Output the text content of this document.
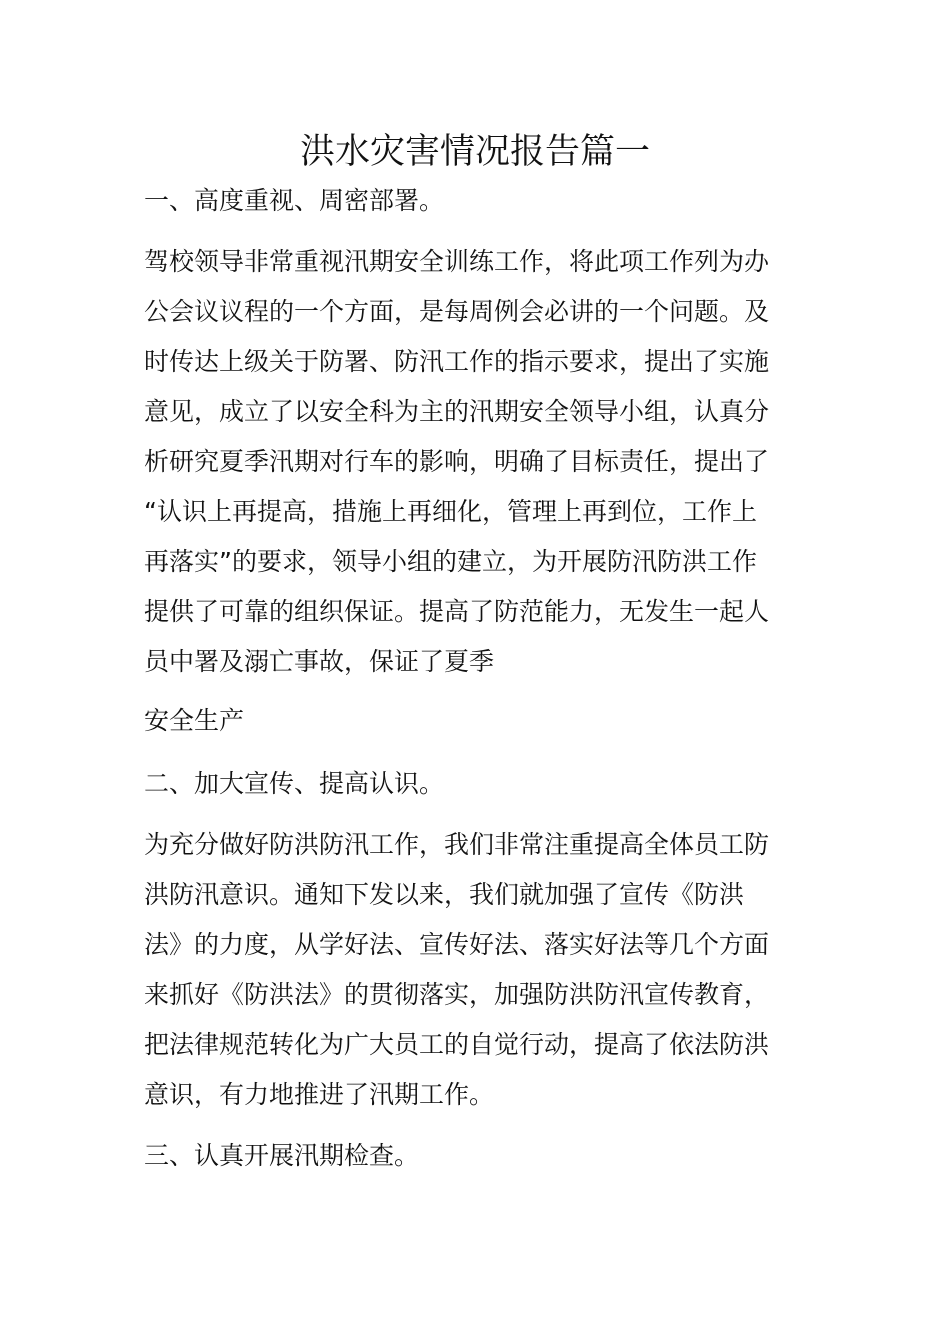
洪水灾害情况报告篇一

一、高度重视、周密部署。

驾校领导非常重视汛期安全训练工作，将此项工作列为办
公会议议程的一个方面，是每周例会必讲的一个问题。及
时传达上级关于防署、防汛工作的指示要求，提出了实施
意见，成立了以安全科为主的汛期安全领导小组，认真分
析研究夏季汛期对行车的影响，明确了目标责任，提出了
“认识上再提高，措施上再细化，管理上再到位，工作上
再落实”的要求，领导小组的建立，为开展防汛防洪工作
提供了可靠的组织保证。提高了防范能力，无发生一起人
员中署及溺亡事故，保证了夏季

安全生产

二、加大宣传、提高认识。

为充分做好防洪防汛工作，我们非常注重提高全体员工防
洪防汛意识。通知下发以来，我们就加强了宣传《防洪
法》的力度，从学好法、宣传好法、落实好法等几个方面
来抓好《防洪法》的贯彻落实，加强防洪防汛宣传教育，
把法律规范转化为广大员工的自觉行动，提高了依法防洪
意识，有力地推进了汛期工作。

三、认真开展汛期检查。
